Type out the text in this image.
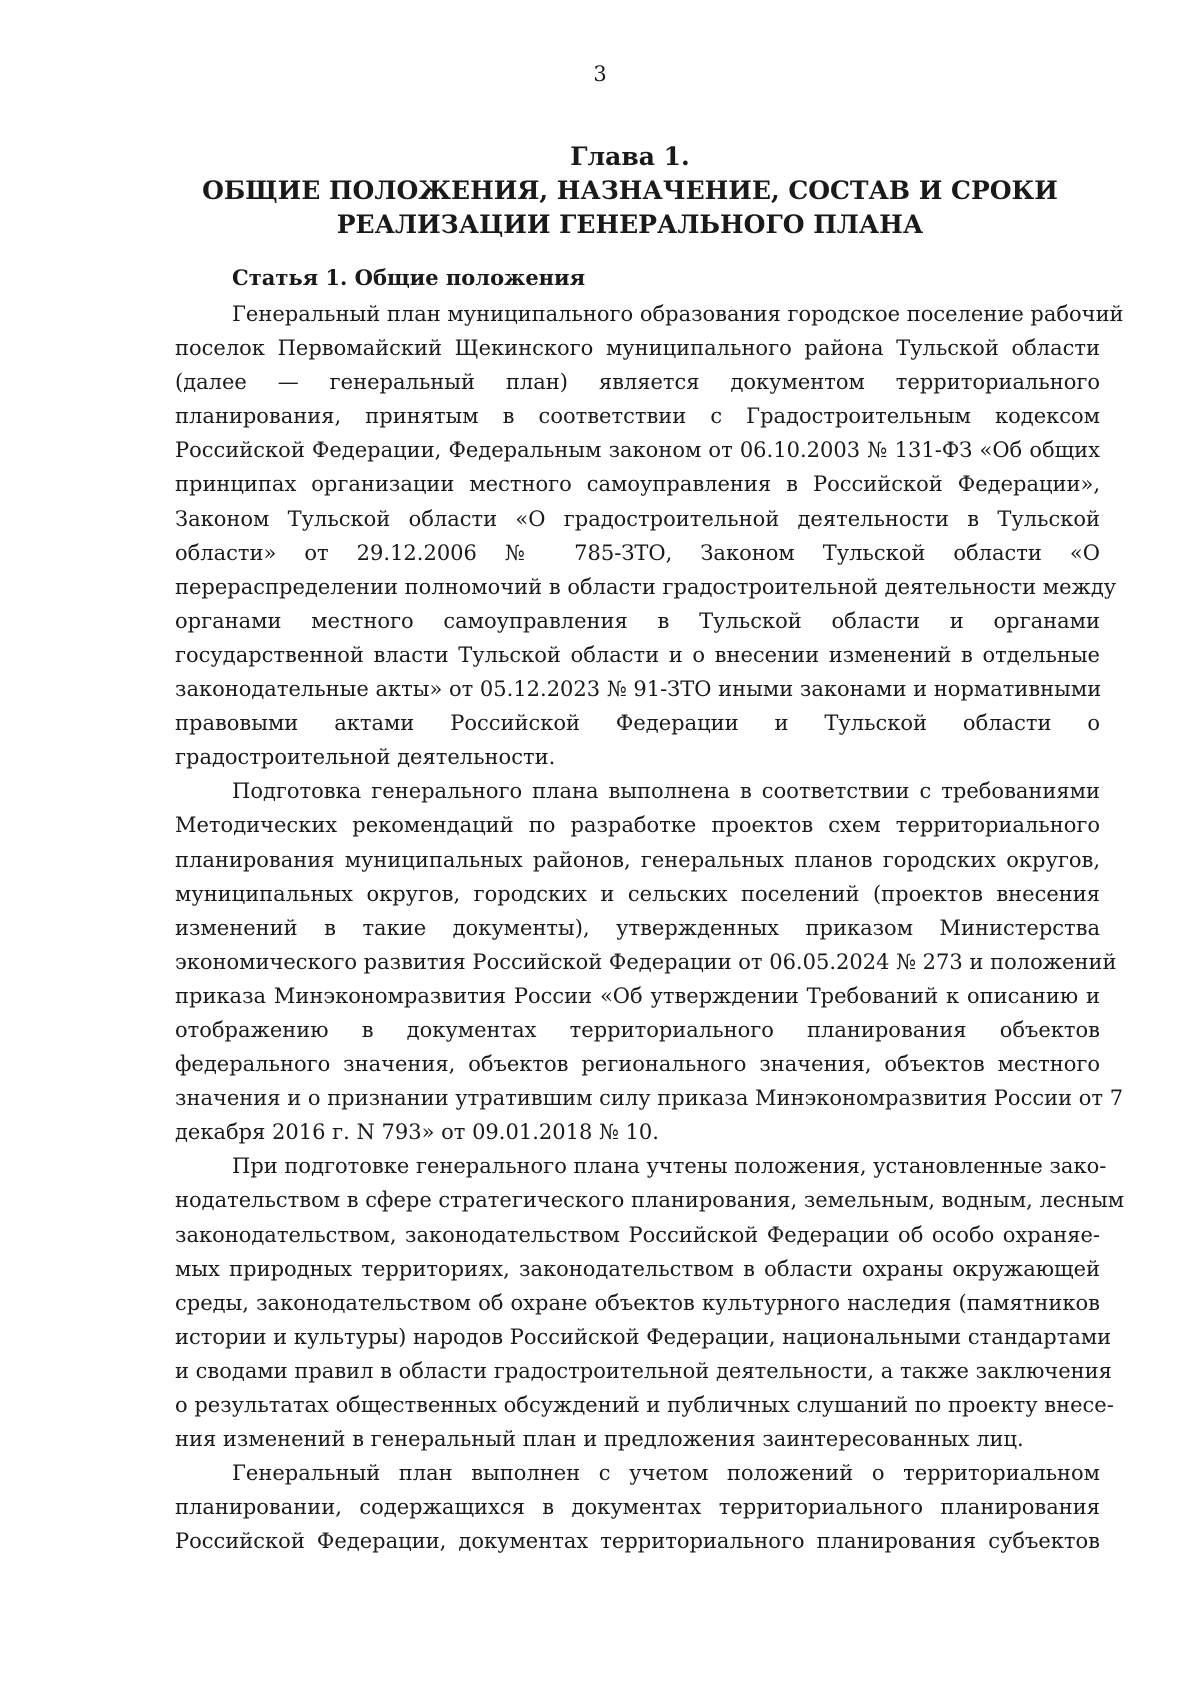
3
Глава 1.
ОБЩИЕ ПОЛОЖЕНИЯ, НАЗНАЧЕНИЕ, СОСТАВ И СРОКИ
РЕАЛИЗАЦИИ ГЕНЕРАЛЬНОГО ПЛАНА
Статья 1. Общие положения
Генеральный план муниципального образования городское поселение рабочий
поселок Первомайский Щекинского муниципального района Тульской области
(далее — генеральный план) является документом территориального
планирования, принятым в соответствии с Градостроительным кодексом
Российской Федерации, Федеральным законом от 06.10.2003 № 131-ФЗ «Об общих
принципах организации местного самоуправления в Российской Федерации»,
Законом Тульской области «О градостроительной деятельности в Тульской
области» от 29.12.2006 № 785-ЗТО, Законом Тульской области «О
перераспределении полномочий в области градостроительной деятельности между
органами местного самоуправления в Тульской области и органами
государственной власти Тульской области и о внесении изменений в отдельные
законодательные акты» от 05.12.2023 № 91-ЗТО иными законами и нормативными
правовыми актами Российской Федерации и Тульской области о
градостроительной деятельности.
Подготовка генерального плана выполнена в соответствии с требованиями
Методических рекомендаций по разработке проектов схем территориального
планирования муниципальных районов, генеральных планов городских округов,
муниципальных округов, городских и сельских поселений (проектов внесения
изменений в такие документы), утвержденных приказом Министерства
экономического развития Российской Федерации от 06.05.2024 № 273 и положений
приказа Минэкономразвития России «Об утверждении Требований к описанию и
отображению в документах территориального планирования объектов
федерального значения, объектов регионального значения, объектов местного
значения и о признании утратившим силу приказа Минэкономразвития России от 7
декабря 2016 г. N 793» от 09.01.2018 № 10.
При подготовке генерального плана учтены положения, установленные зако-
нодательством в сфере стратегического планирования, земельным, водным, лесным
законодательством, законодательством Российской Федерации об особо охраняе-
мых природных территориях, законодательством в области охраны окружающей
среды, законодательством об охране объектов культурного наследия (памятников
истории и культуры) народов Российской Федерации, национальными стандартами
и сводами правил в области градостроительной деятельности, а также заключения
о результатах общественных обсуждений и публичных слушаний по проекту внесе-
ния изменений в генеральный план и предложения заинтересованных лиц.
Генеральный план выполнен с учетом положений о территориальном
планировании, содержащихся в документах территориального планирования
Российской Федерации, документах территориального планирования субъектов
